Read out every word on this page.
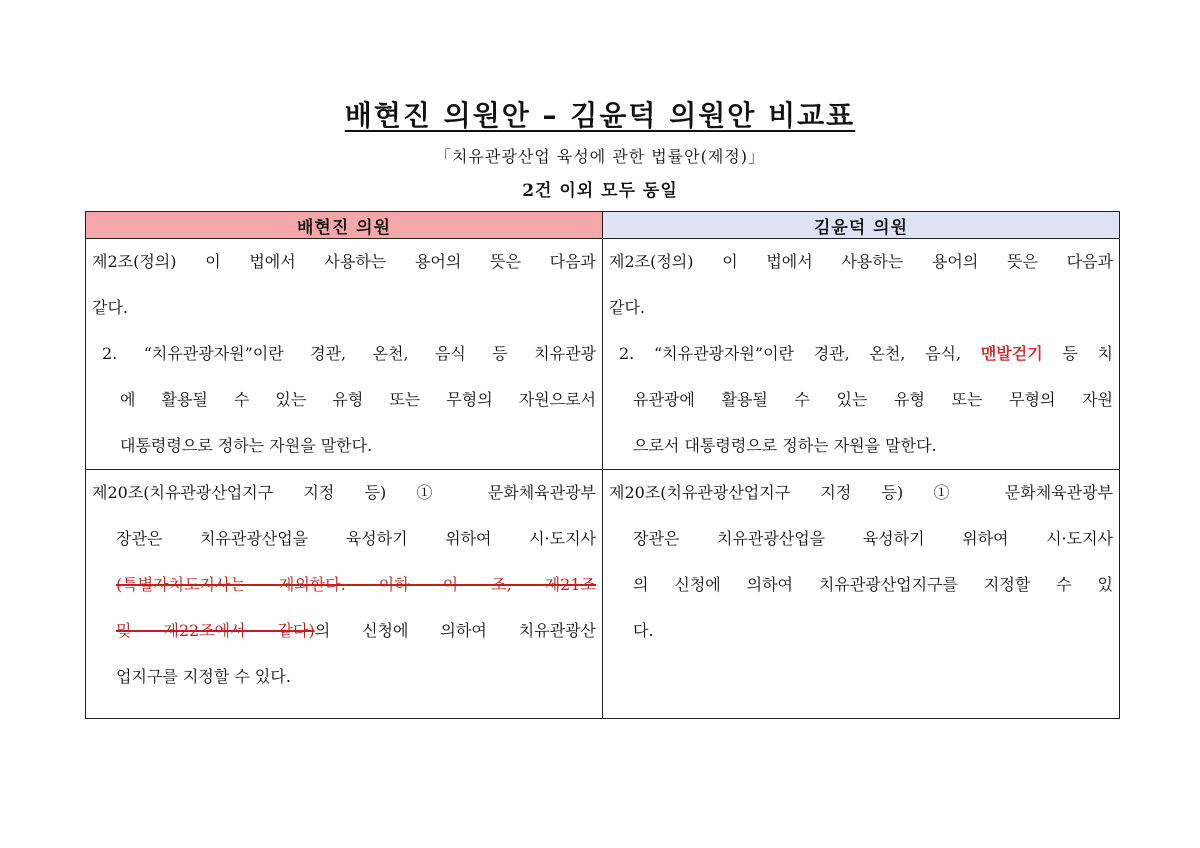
배현진 의원안 – 김윤덕 의원안 비교표
「치유관광산업 육성에 관한 법률안(제정)」
2건 이외 모두 동일
배현진 의원	김윤덕 의원

제2조(정의) 이 법에서 사용하는 용어의 뜻은 다음과
같다.
2. “치유관광자원”이란 경관, 온천, 음식 등 치유관광
에 활용될 수 있는 유형 또는 무형의 자원으로서
대통령령으로 정하는 자원을 말한다.	제2조(정의) 이 법에서 사용하는 용어의 뜻은 다음과
같다.
2. “치유관광자원”이란 경관, 온천, 음식, 맨발걷기 등 치
유관광에 활용될 수 있는 유형 또는 무형의 자원
으로서 대통령령으로 정하는 자원을 말한다.

제20조(치유관광산업지구 지정 등) ① 문화체육관광부
장관은 치유관광산업을 육성하기 위하여 시·도지사
(특별자치도지사는 제외한다. 이하 이 조, 제21조
및 제22조에서 같다)의 신청에 의하여 치유관광산
업지구를 지정할 수 있다.	제20조(치유관광산업지구 지정 등) ① 문화체육관광부
장관은 치유관광산업을 육성하기 위하여 시·도지사
의 신청에 의하여 치유관광산업지구를 지정할 수 있
다.
